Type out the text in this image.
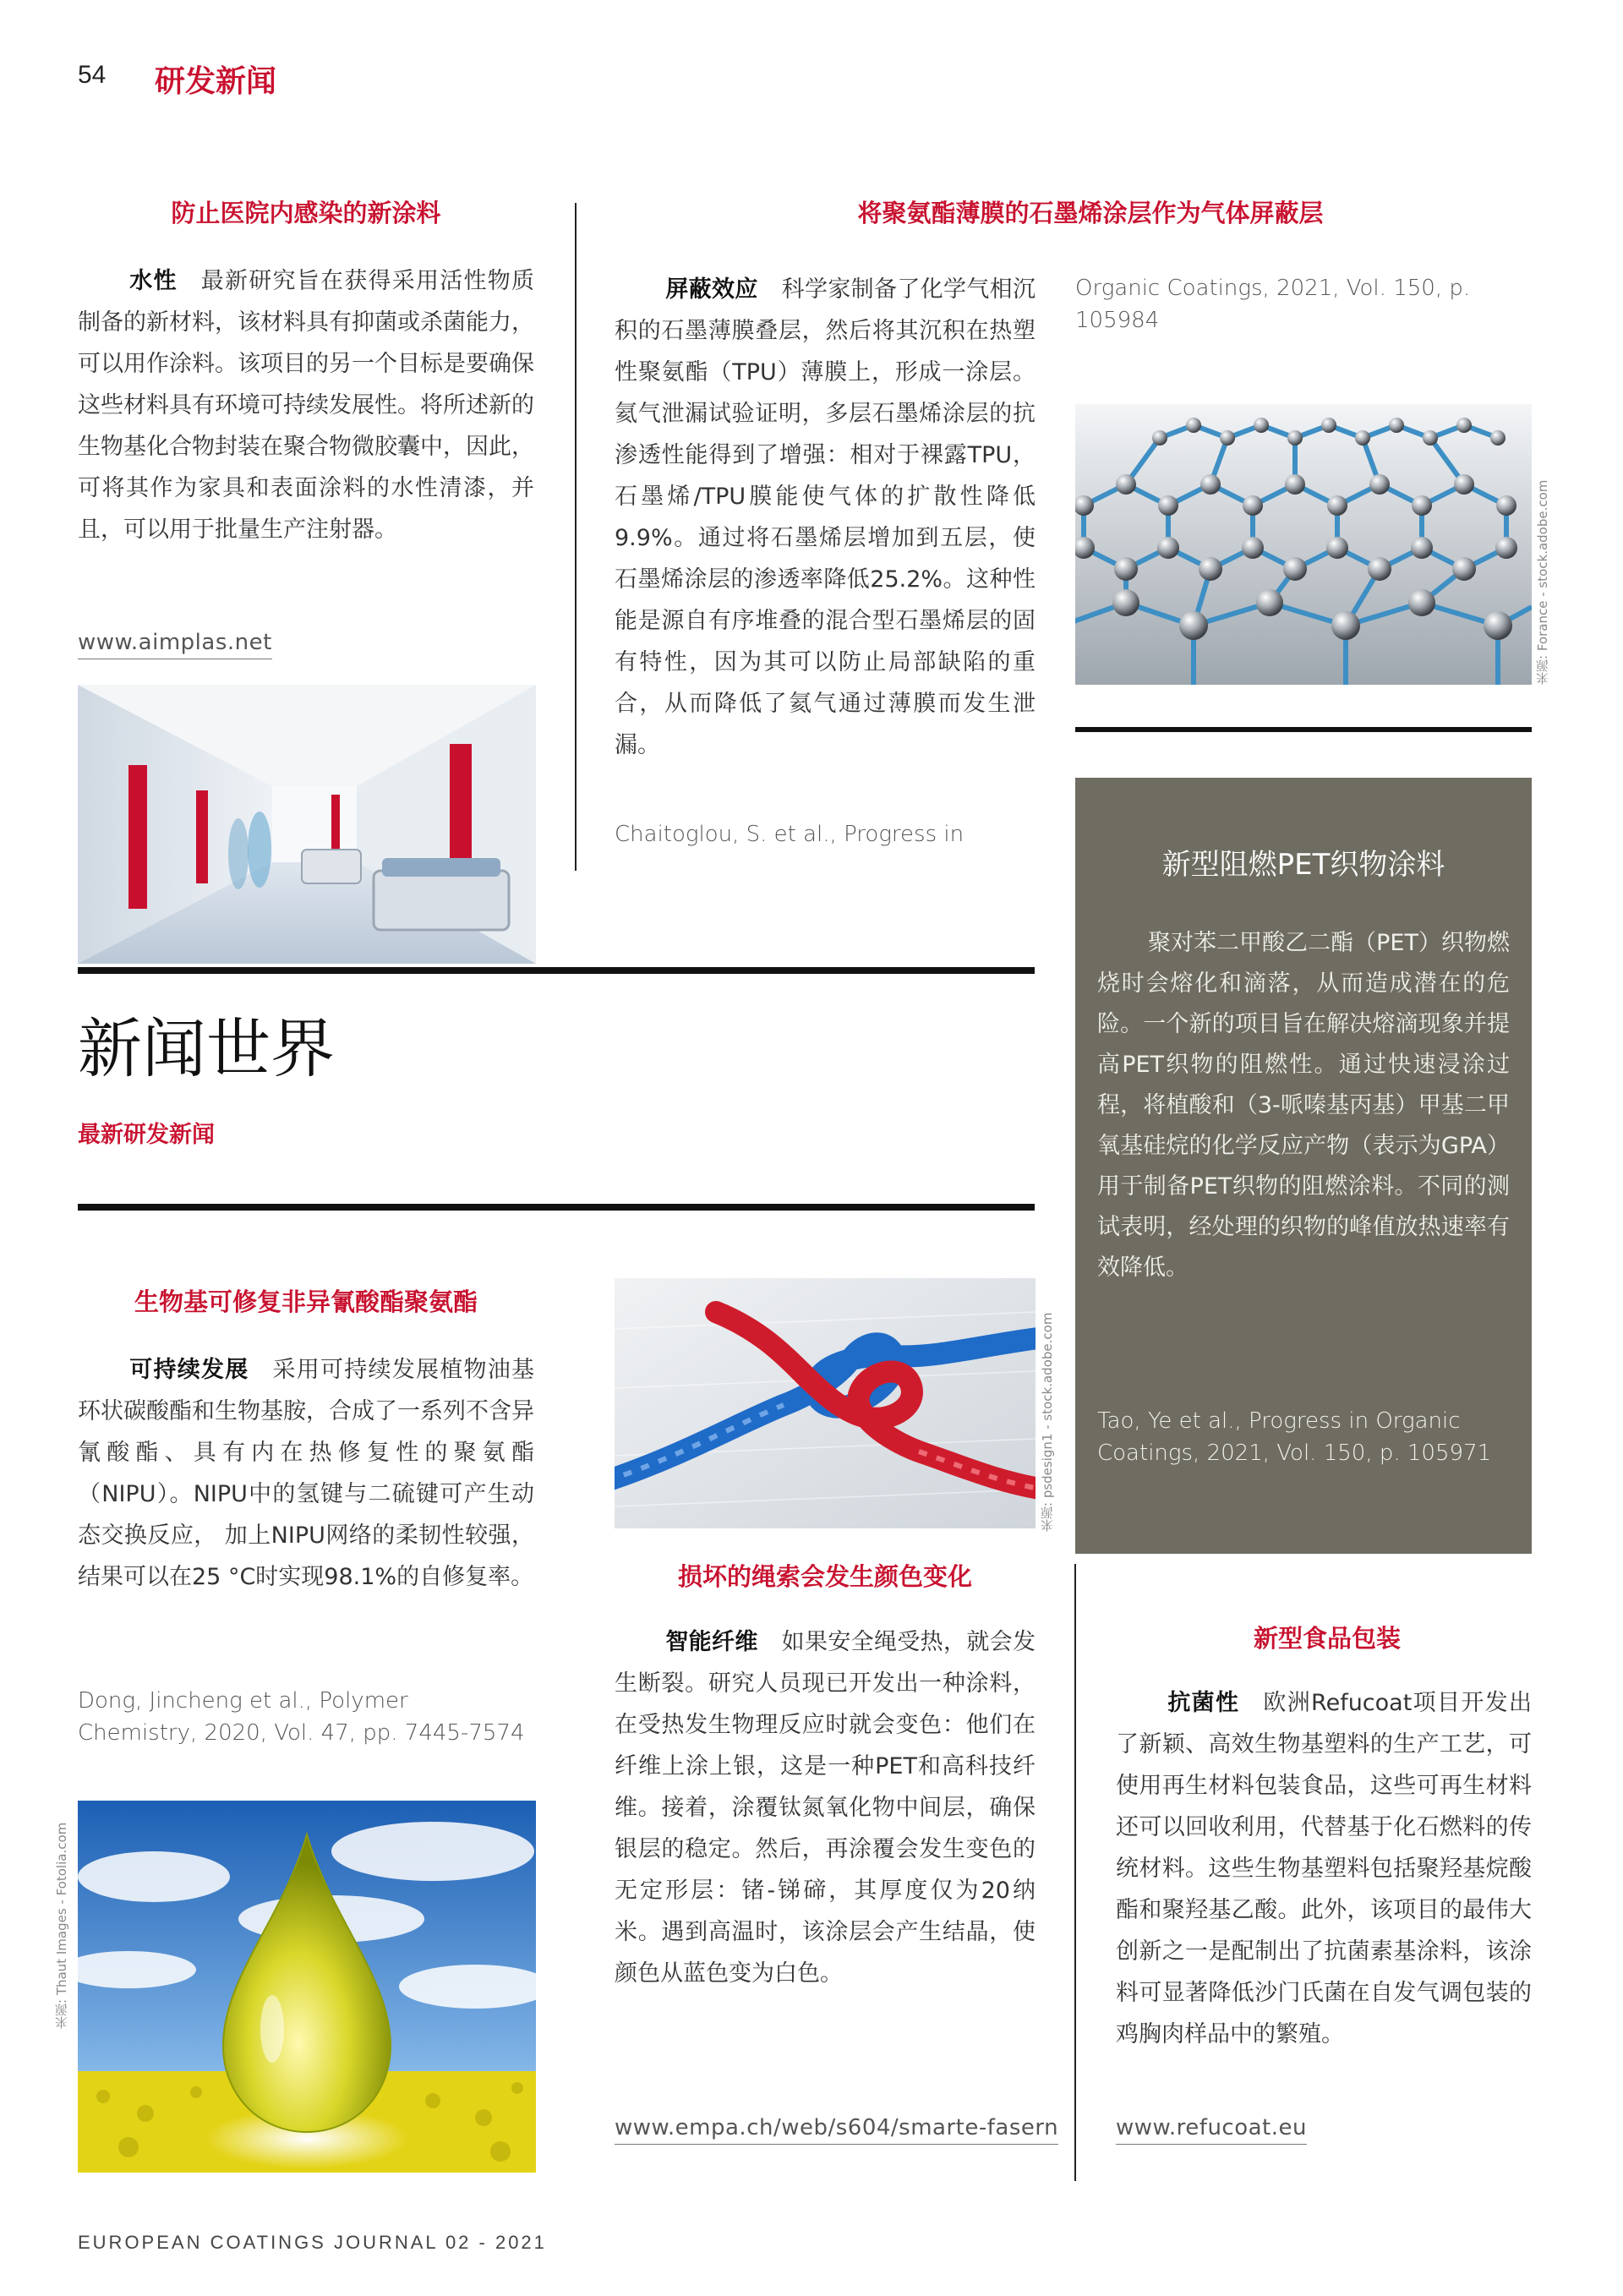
54 研发新闻
防止医院内感染的新涂料
水性 最新研究旨在获得采用活性物质制备的新材料，该材料具有抑菌或杀菌能力，可以用作涂料。该项目的另一个目标是要确保这些材料具有环境可持续发展性。将所述新的生物基化合物封装在聚合物微胶囊中，因此，可将其作为家具和表面涂料的水性清漆，并且，可以用于批量生产注射器。
www.aimplas.net
将聚氨酯薄膜的石墨烯涂层作为气体屏蔽层
屏蔽效应 科学家制备了化学气相沉积的石墨薄膜叠层，然后将其沉积在热塑性聚氨酯（TPU）薄膜上，形成一涂层。氦气泄漏试验证明，多层石墨烯涂层的抗渗透性能得到了增强：相对于裸露TPU，石墨烯/TPU膜能使气体的扩散性降低9.9%。通过将石墨烯层增加到五层，使石墨烯涂层的渗透率降低25.2%。这种性能是源自有序堆叠的混合型石墨烯层的固有特性，因为其可以防止局部缺陷的重合，从而降低了氦气通过薄膜而发生泄漏。
Chaitoglou, S. et al., Progress in
Organic Coatings, 2021, Vol. 150, p. 105984
来源: Forance - stock.adobe.com
新型阻燃PET织物涂料
聚对苯二甲酸乙二酯（PET）织物燃烧时会熔化和滴落，从而造成潜在的危险。一个新的项目旨在解决熔滴现象并提高PET织物的阻燃性。通过快速浸涂过程，将植酸和（3-哌嗪基丙基）甲基二甲氧基硅烷的化学反应产物（表示为GPA）用于制备PET织物的阻燃涂料。不同的测试表明，经处理的织物的峰值放热速率有效降低。
Tao, Ye et al., Progress in Organic Coatings, 2021, Vol. 150, p. 105971
新闻世界
最新研发新闻
生物基可修复非异氰酸酯聚氨酯
可持续发展 采用可持续发展植物油基环状碳酸酯和生物基胺，合成了一系列不含异氰酸酯、具有内在热修复性的聚氨酯（NIPU）。NIPU中的氢键与二硫键可产生动态交换反应， 加上NIPU网络的柔韧性较强，结果可以在25 °C时实现98.1%的自修复率。
Dong, Jincheng et al., Polymer Chemistry, 2020, Vol. 47, pp. 7445-7574
来源: Thaut Images - Fotolia.com
来源: psdesign1 - stock.adobe.com
损坏的绳索会发生颜色变化
智能纤维 如果安全绳受热，就会发生断裂。研究人员现已开发出一种涂料，在受热发生物理反应时就会变色：他们在纤维上涂上银，这是一种PET和高科技纤维。接着，涂覆钛氮氧化物中间层，确保银层的稳定。然后，再涂覆会发生变色的无定形层：锗-锑碲，其厚度仅为20纳米。遇到高温时，该涂层会产生结晶，使颜色从蓝色变为白色。
www.empa.ch/web/s604/smarte-fasern
新型食品包装
抗菌性 欧洲Refucoat项目开发出了新颖、高效生物基塑料的生产工艺，可使用再生材料包装食品，这些可再生材料还可以回收利用，代替基于化石燃料的传统材料。这些生物基塑料包括聚羟基烷酸酯和聚羟基乙酸。此外，该项目的最伟大创新之一是配制出了抗菌素基涂料，该涂料可显著降低沙门氏菌在自发气调包装的鸡胸肉样品中的繁殖。
www.refucoat.eu
EUROPEAN COATINGS JOURNAL 02 - 2021
